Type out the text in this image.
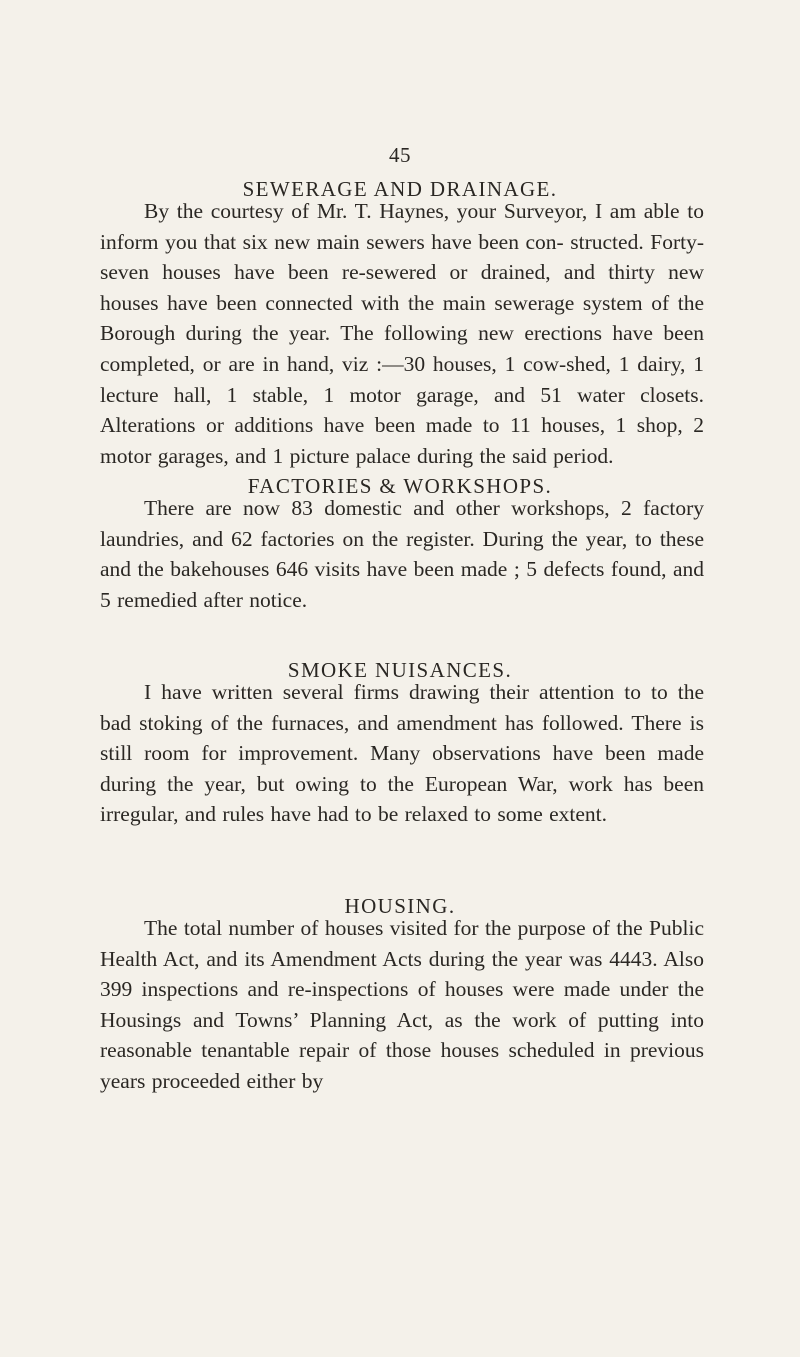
45
SEWERAGE AND DRAINAGE.

By the courtesy of Mr. T. Haynes, your Surveyor, I am able to inform you that six new main sewers have been con- structed. Forty-seven houses have been re-sewered or drained, and thirty new houses have been connected with the main sewerage system of the Borough during the year. The following new erections have been completed, or are in hand, viz :—30 houses, 1 cow-shed, 1 dairy, 1 lecture hall, 1 stable, 1 motor garage, and 51 water closets. Alterations or additions have been made to 11 houses, 1 shop, 2 motor garages, and 1 picture palace during the said period.

FACTORIES & WORKSHOPS.

There are now 83 domestic and other workshops, 2 factory laundries, and 62 factories on the register. During the year, to these and the bakehouses 646 visits have been made ; 5 defects found, and 5 remedied after notice.

SMOKE NUISANCES.

I have written several firms drawing their attention to to the bad stoking of the furnaces, and amendment has followed. There is still room for improvement. Many observations have been made during the year, but owing to the European War, work has been irregular, and rules have had to be relaxed to some extent.

HOUSING.

The total number of houses visited for the purpose of the Public Health Act, and its Amendment Acts during the year was 4443. Also 399 inspections and re-inspections of houses were made under the Housings and Towns’ Planning Act, as the work of putting into reasonable tenantable repair of those houses scheduled in previous years proceeded either by
